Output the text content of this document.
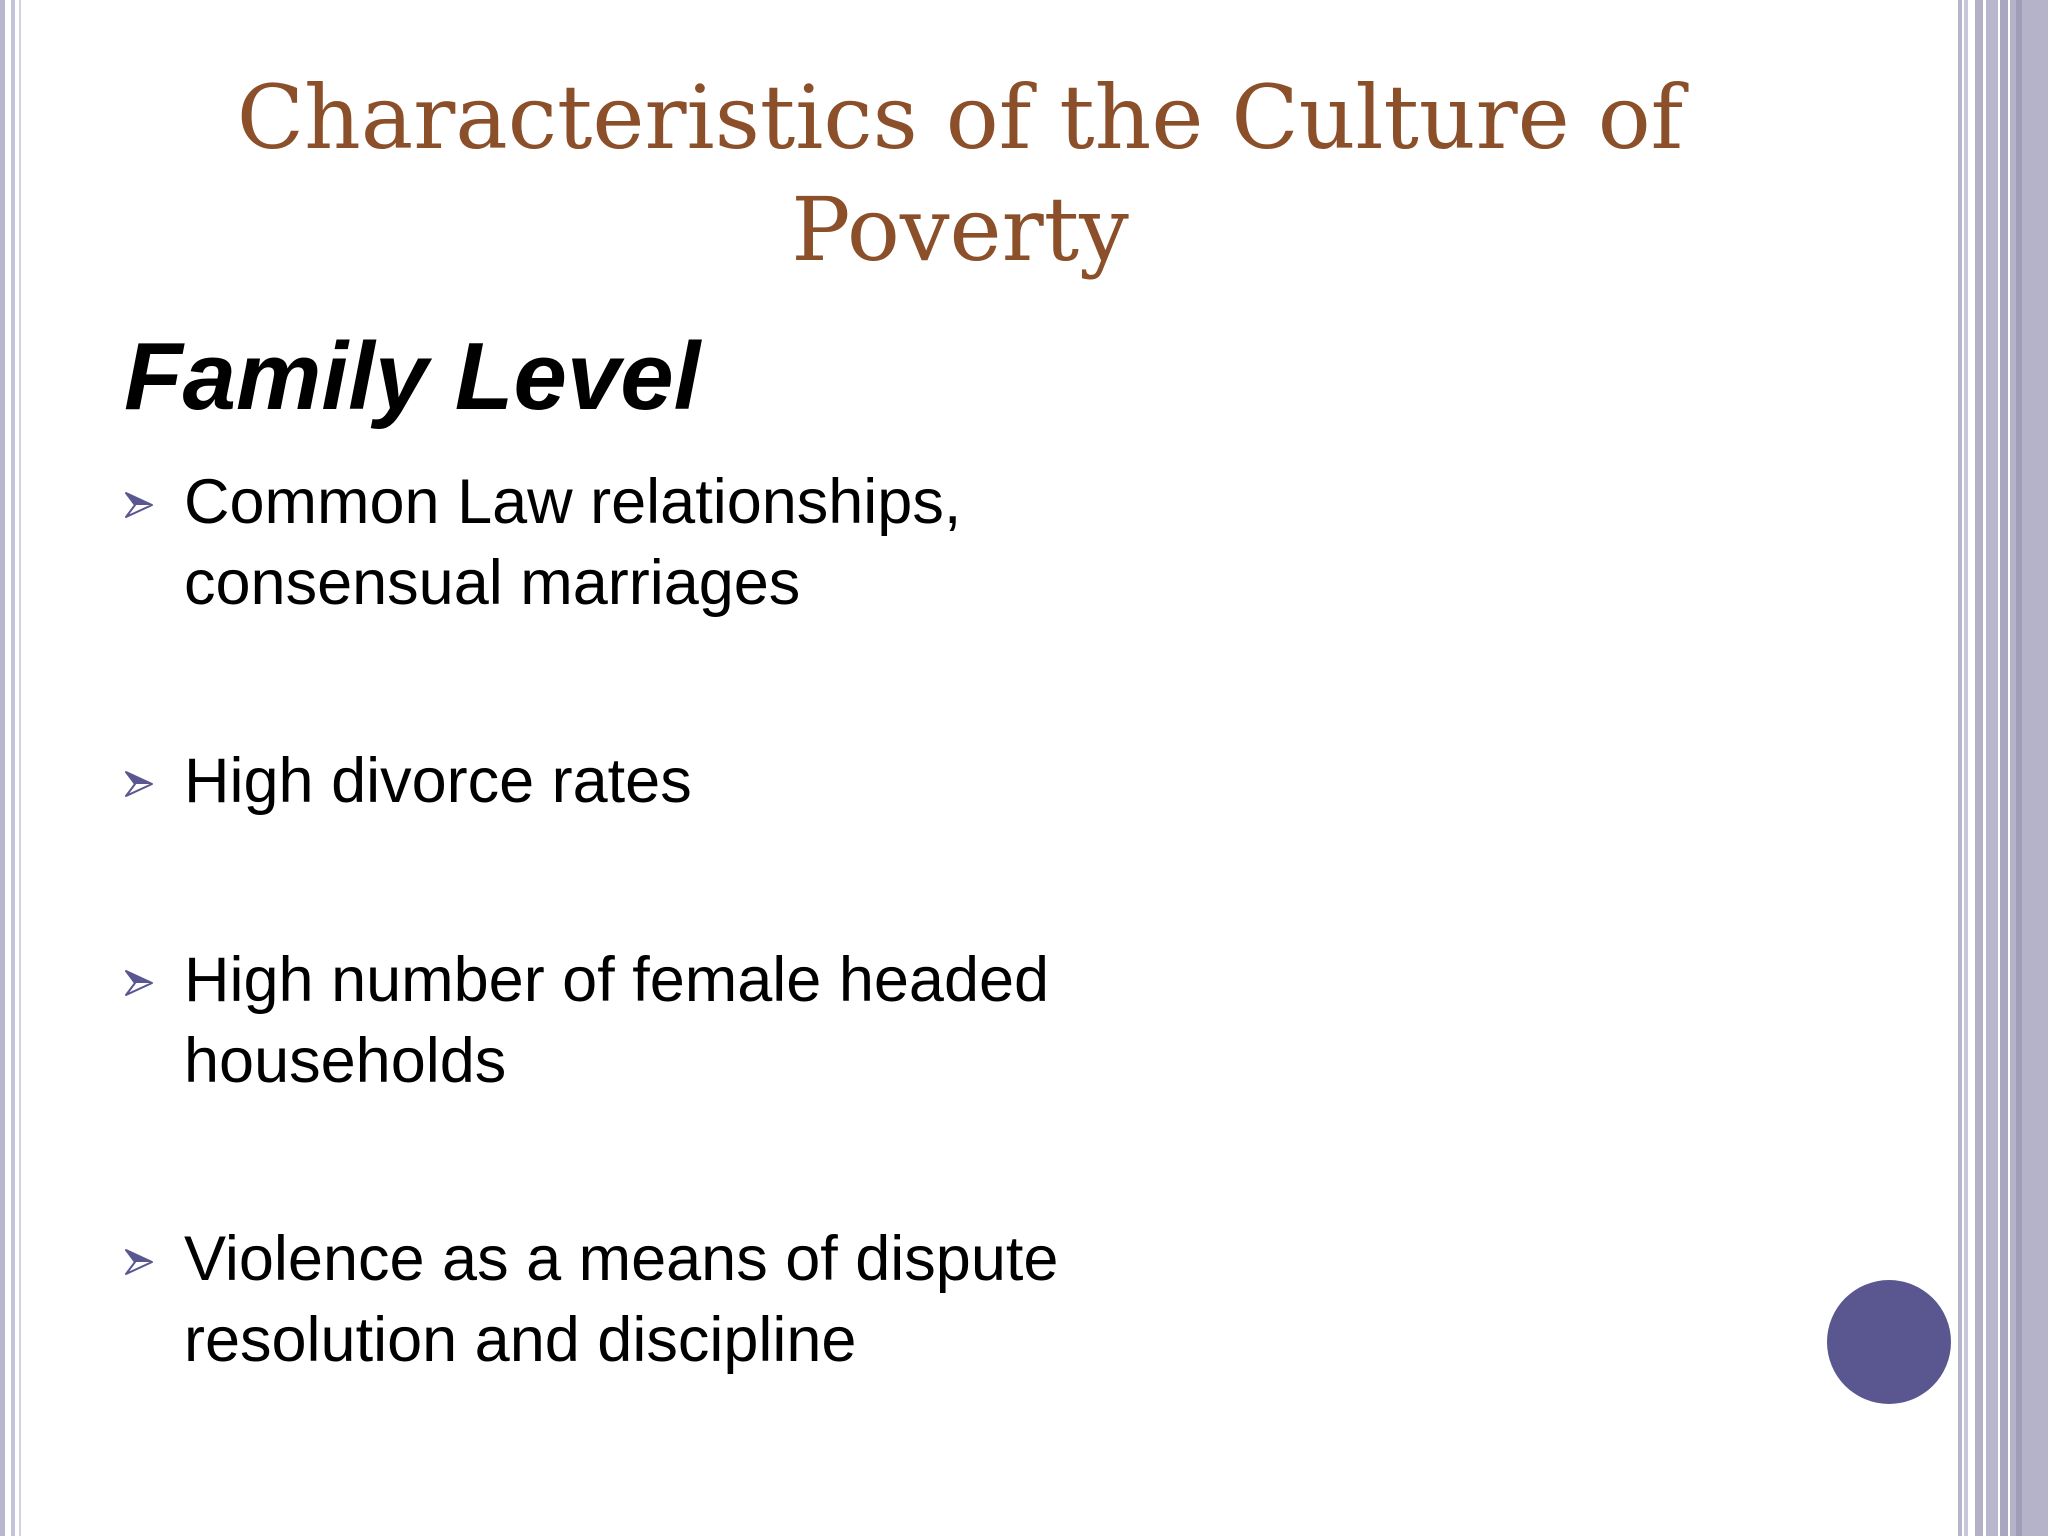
Characteristics of the Culture of Poverty
Family Level
Common Law relationships, consensual marriages
High divorce rates
High number of female headed households
Violence as a means of dispute resolution and discipline
